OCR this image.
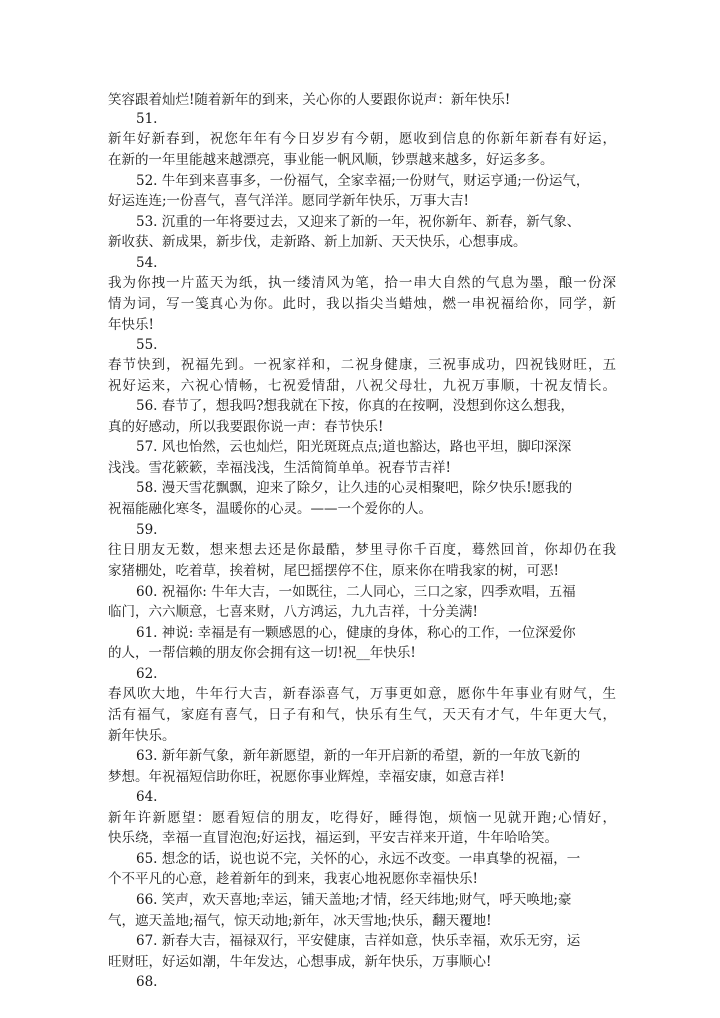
笑容跟着灿烂!随着新年的到来，关心你的人要跟你说声：新年快乐!
51.
新年好新春到，祝您年年有今日岁岁有今朝，愿收到信息的你新年新春有好运，
在新的一年里能越来越漂亮，事业能一帆风顺，钞票越来越多，好运多多。
52. 牛年到来喜事多，一份福气，全家幸福;一份财气，财运亨通;一份运气，
好运连连;一份喜气，喜气洋洋。愿同学新年快乐，万事大吉!
53. 沉重的一年将要过去，又迎来了新的一年，祝你新年、新春，新气象、
新收获、新成果，新步伐，走新路、新上加新、天天快乐，心想事成。
54.
我为你拽一片蓝天为纸，执一缕清风为笔，拾一串大自然的气息为墨，酿一份深
情为词，写一笺真心为你。此时，我以指尖当蜡烛，燃一串祝福给你，同学，新
年快乐!
55.
春节快到，祝福先到。一祝家祥和，二祝身健康，三祝事成功，四祝钱财旺，五
祝好运来，六祝心情畅，七祝爱情甜，八祝父母壮，九祝万事顺，十祝友情长。
56. 春节了，想我吗?想我就在下按，你真的在按啊，没想到你这么想我，
真的好感动，所以我要跟你说一声：春节快乐!
57. 风也怡然，云也灿烂，阳光斑斑点点;道也豁达，路也平坦，脚印深深
浅浅。雪花簌簌，幸福浅浅，生活简简单单。祝春节吉祥!
58. 漫天雪花飘飘，迎来了除夕，让久违的心灵相聚吧，除夕快乐!愿我的
祝福能融化寒冬，温暖你的心灵。——一个爱你的人。
59.
往日朋友无数，想来想去还是你最酷，梦里寻你千百度，蓦然回首，你却仍在我
家猪棚处，吃着草，挨着树，尾巴摇摆停不住，原来你在啃我家的树，可恶!
60. 祝福你: 牛年大吉，一如既往，二人同心，三口之家，四季欢唱，五福
临门，六六顺意，七喜来财，八方鸿运，九九吉祥，十分美满!
61. 神说: 幸福是有一颗感恩的心，健康的身体，称心的工作，一位深爱你
的人，一帮信赖的朋友你会拥有这一切!祝__年快乐!
62.
春风吹大地，牛年行大吉，新春添喜气，万事更如意，愿你牛年事业有财气，生
活有福气，家庭有喜气，日子有和气，快乐有生气，天天有才气，牛年更大气，
新年快乐。
63. 新年新气象，新年新愿望，新的一年开启新的希望，新的一年放飞新的
梦想。年祝福短信助你旺，祝愿你事业辉煌，幸福安康，如意吉祥!
64.
新年许新愿望：愿看短信的朋友，吃得好，睡得饱，烦恼一见就开跑;心情好，
快乐绕，幸福一直冒泡泡;好运找，福运到，平安吉祥来开道，牛年哈哈笑。
65. 想念的话，说也说不完，关怀的心，永远不改变。一串真挚的祝福，一
个不平凡的心意，趁着新年的到来，我衷心地祝愿你幸福快乐!
66. 笑声，欢天喜地;幸运，铺天盖地;才情，经天纬地;财气，呼天唤地;豪
气，遮天盖地;福气，惊天动地;新年，冰天雪地;快乐，翻天覆地!
67. 新春大吉，福禄双行，平安健康，吉祥如意，快乐幸福，欢乐无穷，运
旺财旺，好运如潮，牛年发达，心想事成，新年快乐，万事顺心!
68.
